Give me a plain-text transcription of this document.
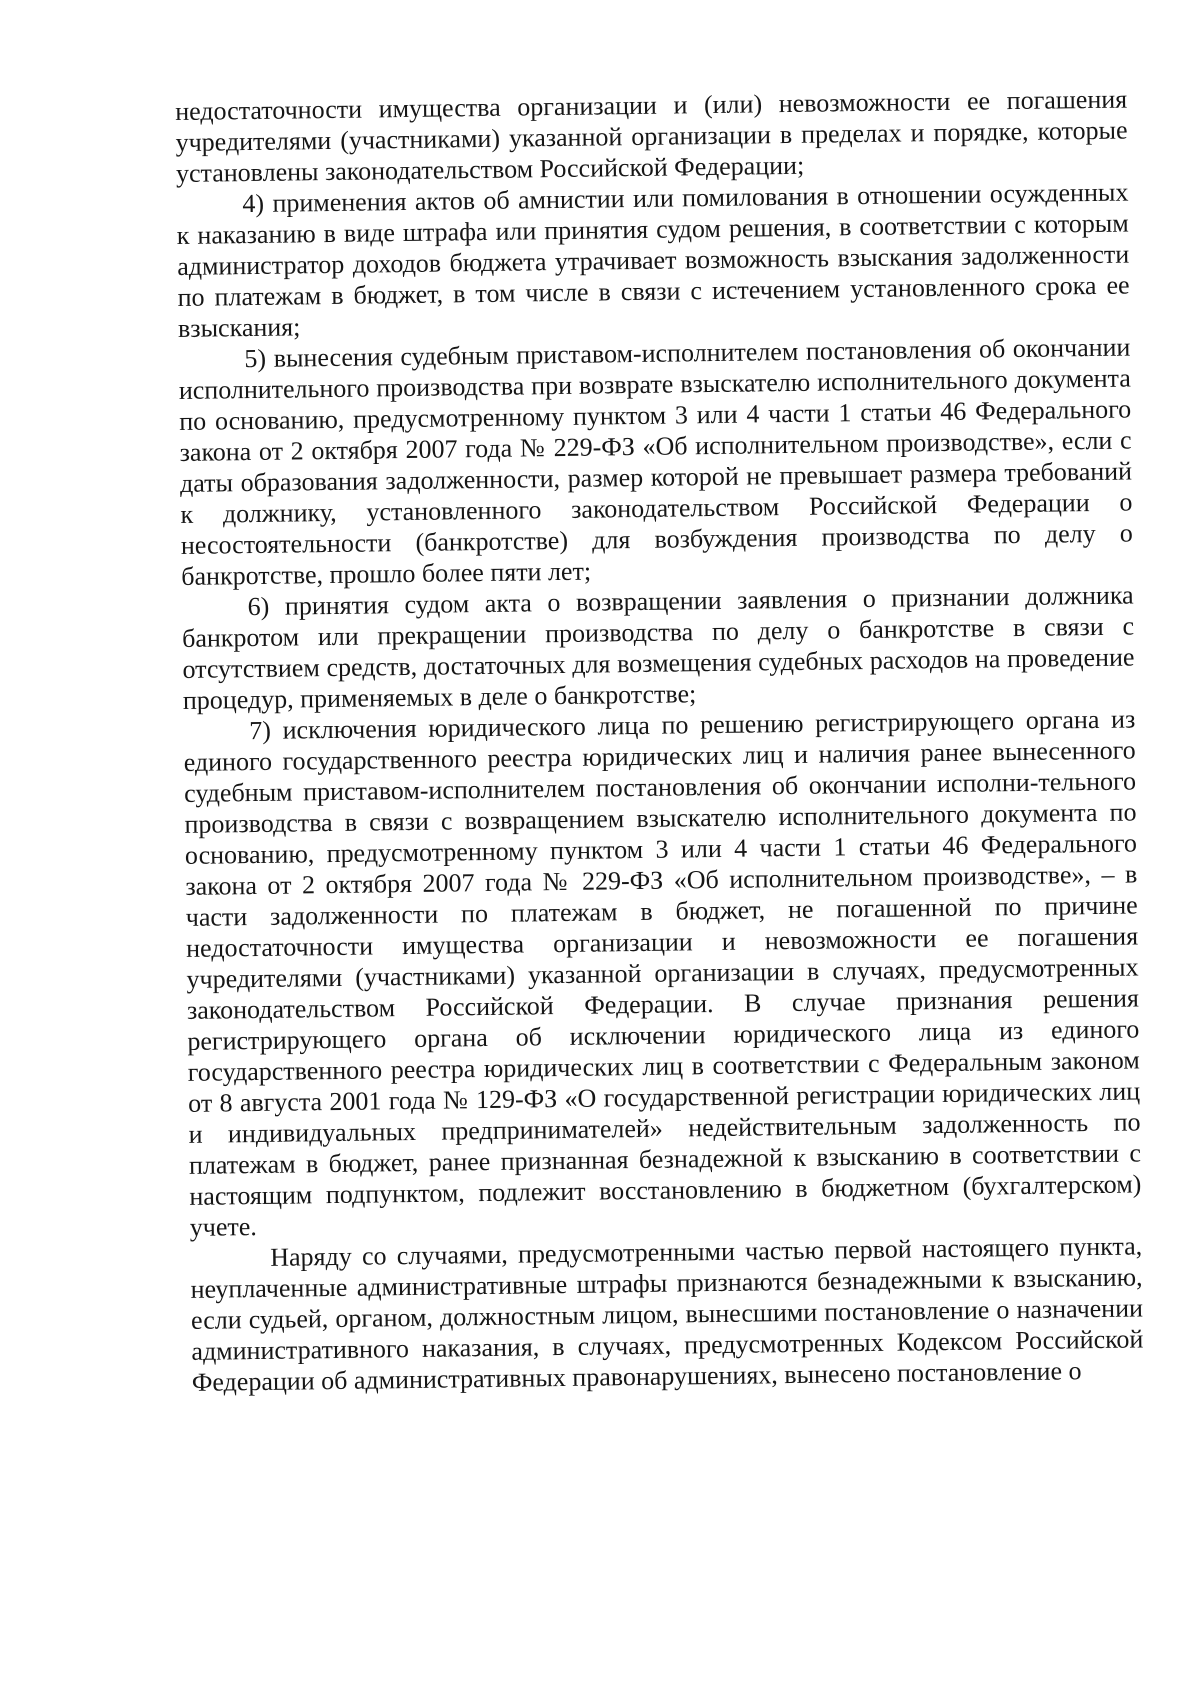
недостаточности имущества организации и (или) невозможности ее погашения учредителями (участниками) указанной организации в пределах и порядке, которые установлены законодательством Российской Федерации;

4) применения актов об амнистии или помилования в отношении осужденных к наказанию в виде штрафа или принятия судом решения, в соответствии с которым администратор доходов бюджета утрачивает возможность взыскания задолженности по платежам в бюджет, в том числе в связи с истечением установленного срока ее взыскания;

5) вынесения судебным приставом-исполнителем постановления об окончании исполнительного производства при возврате взыскателю исполнительного документа по основанию, предусмотренному пунктом 3 или 4 части 1 статьи 46 Федерального закона от 2 октября 2007 года № 229-ФЗ «Об исполнительном производстве», если с даты образования задолженности, размер которой не превышает размера требований к должнику, установленного законодательством Российской Федерации о несостоятельности (банкротстве) для возбуждения производства по делу о банкротстве, прошло более пяти лет;

6) принятия судом акта о возвращении заявления о признании должника банкротом или прекращении производства по делу о банкротстве в связи с отсутствием средств, достаточных для возмещения судебных расходов на проведение процедур, применяемых в деле о банкротстве;

7) исключения юридического лица по решению регистрирующего органа из единого государственного реестра юридических лиц и наличия ранее вынесенного судебным приставом-исполнителем постановления об окончании исполни-тельного производства в связи с возвращением взыскателю исполнительного документа по основанию, предусмотренному пунктом 3 или 4 части 1 статьи 46 Федерального закона от 2 октября 2007 года № 229-ФЗ «Об исполнительном производстве», – в части задолженности по платежам в бюджет, не погашенной по причине недостаточности имущества организации и невозможности ее погашения учредителями (участниками) указанной организации в случаях, предусмотренных законодательством Российской Федерации. В случае признания решения регистрирующего органа об исключении юридического лица из единого государственного реестра юридических лиц в соответствии с Федеральным законом от 8 августа 2001 года № 129-ФЗ «О государственной регистрации юридических лиц и индивидуальных предпринимателей» недействительным задолженность по платежам в бюджет, ранее признанная безнадежной к взысканию в соответствии с настоящим подпунктом, подлежит восстановлению в бюджетном (бухгалтерском) учете.

Наряду со случаями, предусмотренными частью первой настоящего пункта, неуплаченные административные штрафы признаются безнадежными к взысканию, если судьей, органом, должностным лицом, вынесшими постановление о назначении административного наказания, в случаях, предусмотренных Кодексом Российской Федерации об административных правонарушениях, вынесено постановление о
